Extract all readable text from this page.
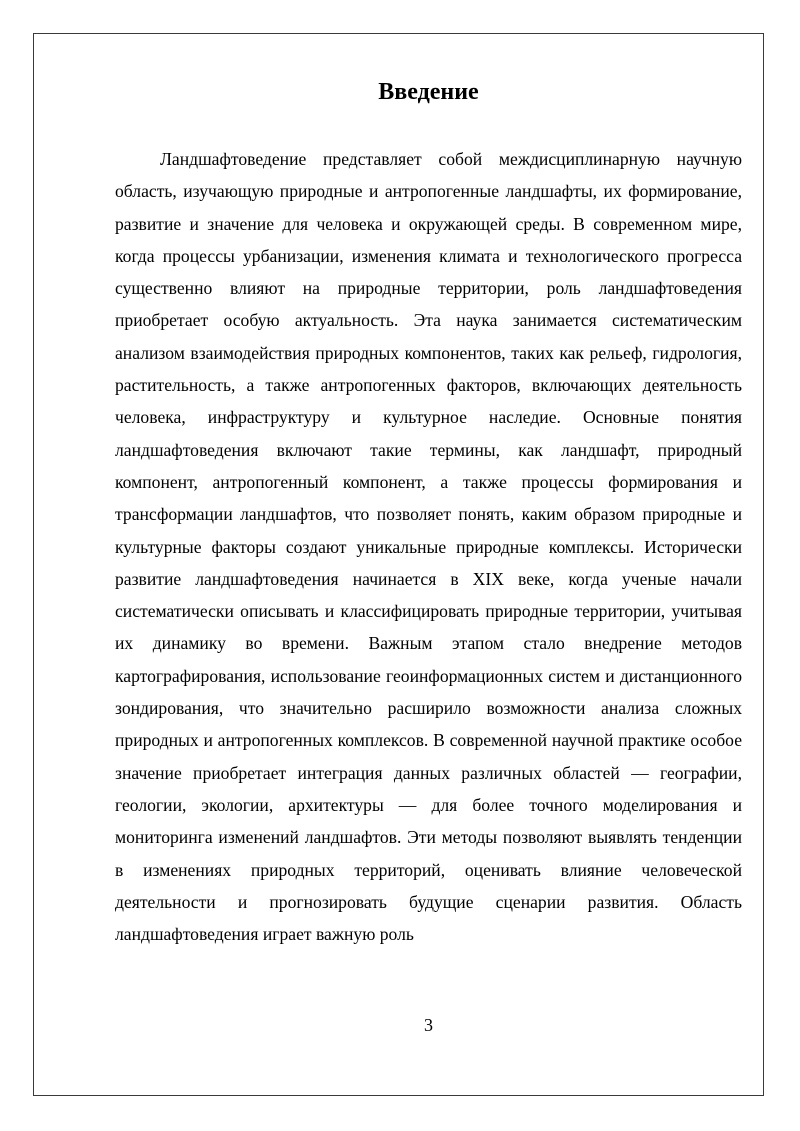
Введение

Ландшафтоведение представляет собой междисциплинарную научную область, изучающую природные и антропогенные ландшафты, их формирование, развитие и значение для человека и окружающей среды. В современном мире, когда процессы урбанизации, изменения климата и технологического прогресса существенно влияют на природные территории, роль ландшафтоведения приобретает особую актуальность. Эта наука занимается систематическим анализом взаимодействия природных компонентов, таких как рельеф, гидрология, растительность, а также антропогенных факторов, включающих деятельность человека, инфраструктуру и культурное наследие. Основные понятия ландшафтоведения включают такие термины, как ландшафт, природный компонент, антропогенный компонент, а также процессы формирования и трансформации ландшафтов, что позволяет понять, каким образом природные и культурные факторы создают уникальные природные комплексы. Исторически развитие ландшафтоведения начинается в XIX веке, когда ученые начали систематически описывать и классифицировать природные территории, учитывая их динамику во времени. Важным этапом стало внедрение методов картографирования, использование геоинформационных систем и дистанционного зондирования, что значительно расширило возможности анализа сложных природных и антропогенных комплексов. В современной научной практике особое значение приобретает интеграция данных различных областей — географии, геологии, экологии, архитектуры — для более точного моделирования и мониторинга изменений ландшафтов. Эти методы позволяют выявлять тенденции в изменениях природных территорий, оценивать влияние человеческой деятельности и прогнозировать будущие сценарии развития. Область ландшафтоведения играет важную роль

3
